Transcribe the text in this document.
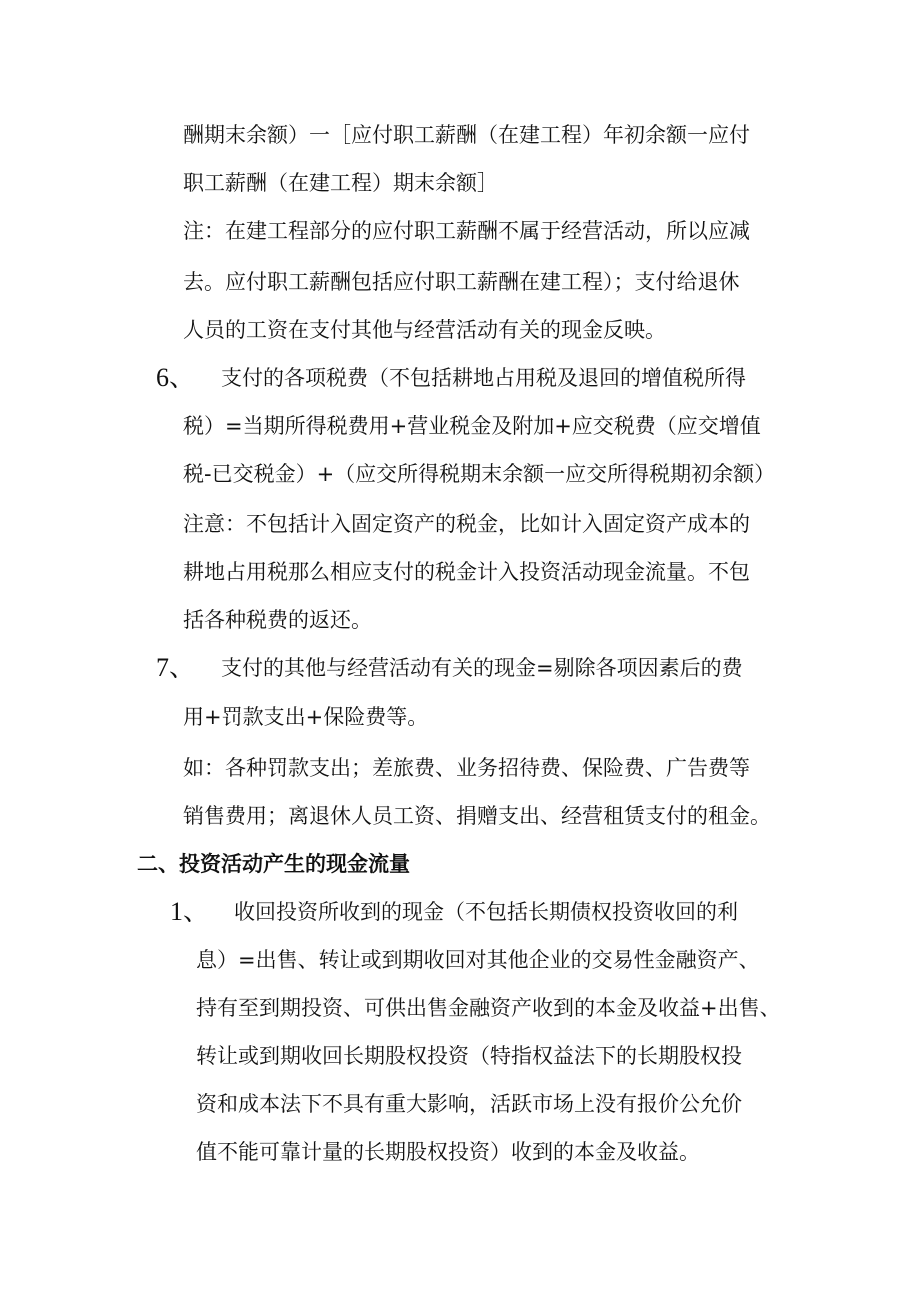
酬期末余额）一［应付职工薪酬（在建工程）年初余额一应付
职工薪酬（在建工程）期末余额］
注：在建工程部分的应付职工薪酬不属于经营活动，所以应减
去。应付职工薪酬包括应付职工薪酬在建工程）；支付给退休
人员的工资在支付其他与经营活动有关的现金反映。
6、 支付的各项税费（不包括耕地占用税及退回的增值税所得
税）=当期所得税费用+营业税金及附加+应交税费（应交增值
税-已交税金）+（应交所得税期末余额一应交所得税期初余额）
注意：不包括计入固定资产的税金，比如计入固定资产成本的
耕地占用税那么相应支付的税金计入投资活动现金流量。不包
括各种税费的返还。
7、 支付的其他与经营活动有关的现金=剔除各项因素后的费
用+罚款支出+保险费等。
如：各种罚款支出；差旅费、业务招待费、保险费、广告费等
销售费用；离退休人员工资、捐赠支出、经营租赁支付的租金。
二、投资活动产生的现金流量
1、 收回投资所收到的现金（不包括长期债权投资收回的利
息）=出售、转让或到期收回对其他企业的交易性金融资产、
持有至到期投资、可供出售金融资产收到的本金及收益+出售、
转让或到期收回长期股权投资（特指权益法下的长期股权投
资和成本法下不具有重大影响，活跃市场上没有报价公允价
值不能可靠计量的长期股权投资）收到的本金及收益。
